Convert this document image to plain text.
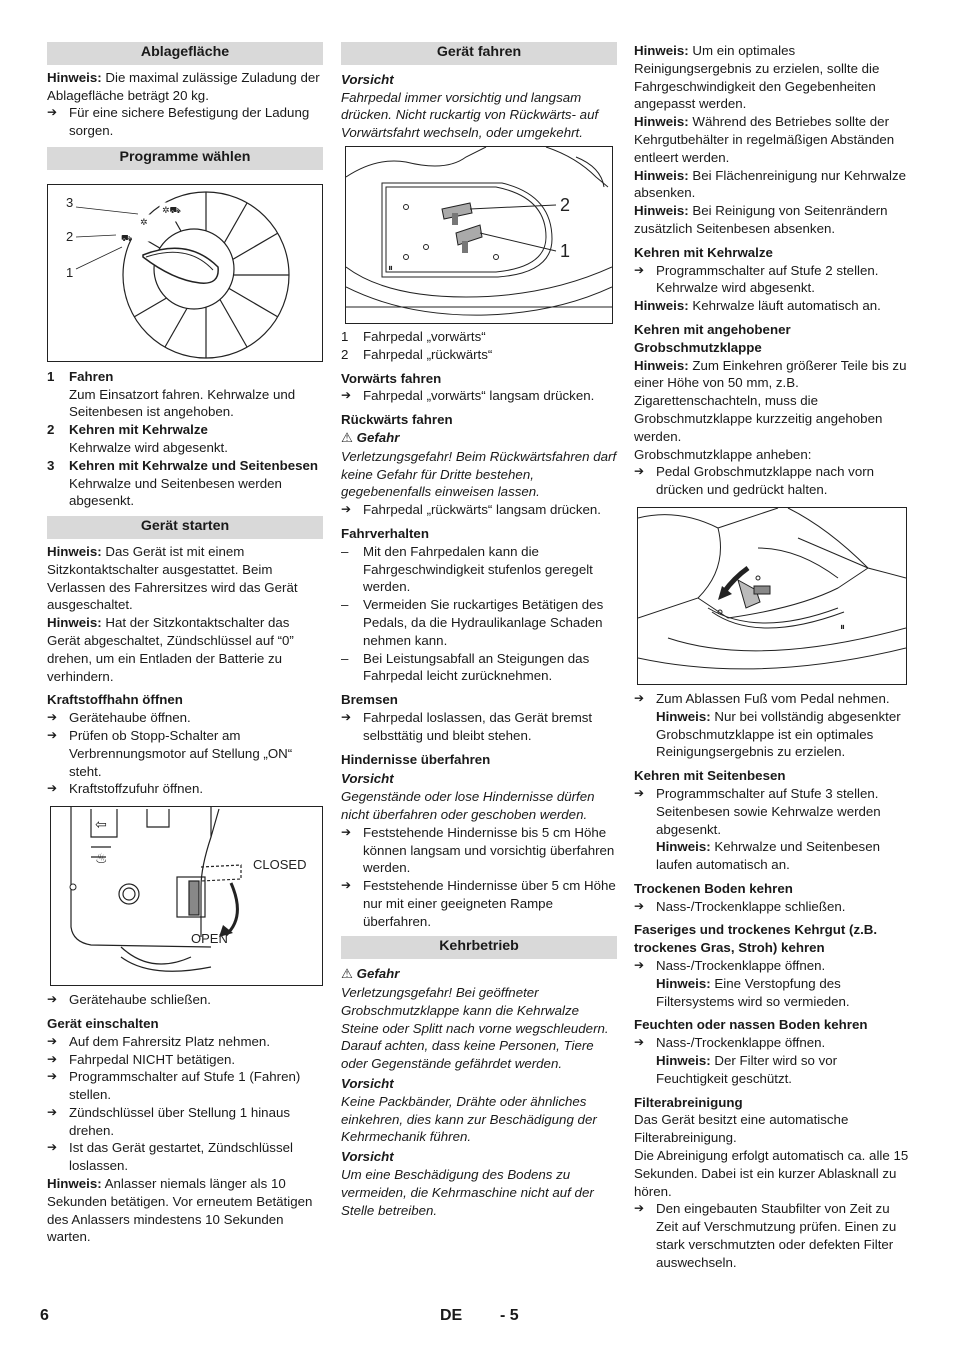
Ablagefläche
Hinweis: Die maximal zulässige Zuladung der Ablagefläche beträgt 20 kg.
➔ Für eine sichere Befestigung der Ladung sorgen.
Programme wählen
⛟
✲
✲⛟
3
2
1
1 Fahren
Zum Einsatzort fahren. Kehrwalze und Seitenbesen ist angehoben.
2 Kehren mit Kehrwalze
Kehrwalze wird abgesenkt.
3 Kehren mit Kehrwalze und Seitenbesen
Kehrwalze und Seitenbesen werden abgesenkt.
Gerät starten
Hinweis: Das Gerät ist mit einem Sitzkontaktschalter ausgestattet. Beim Verlassen des Fahrersitzes wird das Gerät ausgeschaltet.
Hinweis: Hat der Sitzkontaktschalter das Gerät abgeschaltet, Zündschlüssel auf “0” drehen, um ein Entladen der Batterie zu verhindern.
Kraftstoffhahn öffnen
➔ Gerätehaube öffnen.
➔ Prüfen ob Stopp-Schalter am Verbrennungsmotor auf Stellung „ON“ steht.
➔ Kraftstoffzufuhr öffnen.
⇦
♨	CLOSED
OPEN
➔ Gerätehaube schließen.
Gerät einschalten
➔ Auf dem Fahrersitz Platz nehmen.
➔ Fahrpedal NICHT betätigen.
➔ Programmschalter auf Stufe 1 (Fahren) stellen.
➔ Zündschlüssel über Stellung 1 hinaus drehen.
➔ Ist das Gerät gestartet, Zündschlüssel loslassen.
Hinweis: Anlasser niemals länger als 10 Sekunden betätigen. Vor erneutem Betätigen des Anlassers mindestens 10 Sekunden warten.
Gerät fahren
Vorsicht
Fahrpedal immer vorsichtig und langsam drücken. Nicht ruckartig von Rückwärts- auf Vorwärtsfahrt wechseln, oder umgekehrt.
⏸
2
1
1 Fahrpedal „vorwärts“
2 Fahrpedal „rückwärts“
Vorwärts fahren
➔ Fahrpedal „vorwärts“ langsam drücken.
Rückwärts fahren
⚠ Gefahr
Verletzungsgefahr! Beim Rückwärtsfahren darf keine Gefahr für Dritte bestehen, gegebenenfalls einweisen lassen.
➔ Fahrpedal „rückwärts“ langsam drücken.
Fahrverhalten
– Mit den Fahrpedalen kann die Fahrgeschwindigkeit stufenlos geregelt werden.
– Vermeiden Sie ruckartiges Betätigen des Pedals, da die Hydraulikanlage Schaden nehmen kann.
– Bei Leistungsabfall an Steigungen das Fahrpedal leicht zurücknehmen.
Bremsen
➔ Fahrpedal loslassen, das Gerät bremst selbsttätig und bleibt stehen.
Hindernisse überfahren
Vorsicht
Gegenstände oder lose Hindernisse dürfen nicht überfahren oder geschoben werden.
➔ Feststehende Hindernisse bis 5 cm Höhe können langsam und vorsichtig überfahren werden.
➔ Feststehende Hindernisse über 5 cm Höhe nur mit einer geeigneten Rampe überfahren.
Kehrbetrieb
⚠ Gefahr
Verletzungsgefahr! Bei geöffneter Grobschmutzklappe kann die Kehrwalze Steine oder Splitt nach vorne wegschleudern. Darauf achten, dass keine Personen, Tiere oder Gegenstände gefährdet werden.
Vorsicht
Keine Packbänder, Drähte oder ähnliches einkehren, dies kann zur Beschädigung der Kehrmechanik führen.
Vorsicht
Um eine Beschädigung des Bodens zu vermeiden, die Kehrmaschine nicht auf der Stelle betreiben.
Hinweis: Um ein optimales Reinigungsergebnis zu erzielen, sollte die Fahrgeschwindigkeit den Gegebenheiten angepasst werden.
Hinweis: Während des Betriebes sollte der Kehrgutbehälter in regelmäßigen Abständen entleert werden.
Hinweis: Bei Flächenreinigung nur Kehrwalze absenken.
Hinweis: Bei Reinigung von Seitenrändern zusätzlich Seitenbesen absenken.
Kehren mit Kehrwalze
➔ Programmschalter auf Stufe 2 stellen. Kehrwalze wird abgesenkt.
Hinweis: Kehrwalze läuft automatisch an.
Kehren mit angehobener Grobschmutzklappe
Hinweis: Zum Einkehren größerer Teile bis zu einer Höhe von 50 mm, z.B. Zigarettenschachteln, muss die Grobschmutzklappe kurzzeitig angehoben werden.
Grobschmutzklappe anheben:
➔ Pedal Grobschmutzklappe nach vorn drücken und gedrückt halten.
⏸
➔ Zum Ablassen Fuß vom Pedal nehmen.
Hinweis: Nur bei vollständig abgesenkter Grobschmutzklappe ist ein optimales Reinigungsergebnis zu erzielen.
Kehren mit Seitenbesen
➔ Programmschalter auf Stufe 3 stellen. Seitenbesen sowie Kehrwalze werden abgesenkt.
Hinweis: Kehrwalze und Seitenbesen laufen automatisch an.
Trockenen Boden kehren
➔ Nass-/Trockenklappe schließen.
Faseriges und trockenes Kehrgut (z.B. trockenes Gras, Stroh) kehren
➔ Nass-/Trockenklappe öffnen.
Hinweis: Eine Verstopfung des Filtersystems wird so vermieden.
Feuchten oder nassen Boden kehren
➔ Nass-/Trockenklappe öffnen.
Hinweis: Der Filter wird so vor Feuchtigkeit geschützt.
Filterabreinigung
Das Gerät besitzt eine automatische Filterabreinigung.
Die Abreinigung erfolgt automatisch ca. alle 15 Sekunden. Dabei ist ein kurzer Ablasknall zu hören.
➔ Den eingebauten Staubfilter von Zeit zu Zeit auf Verschmutzung prüfen. Einen zu stark verschmutzten oder defekten Filter auswechseln.
6	DE - 5
